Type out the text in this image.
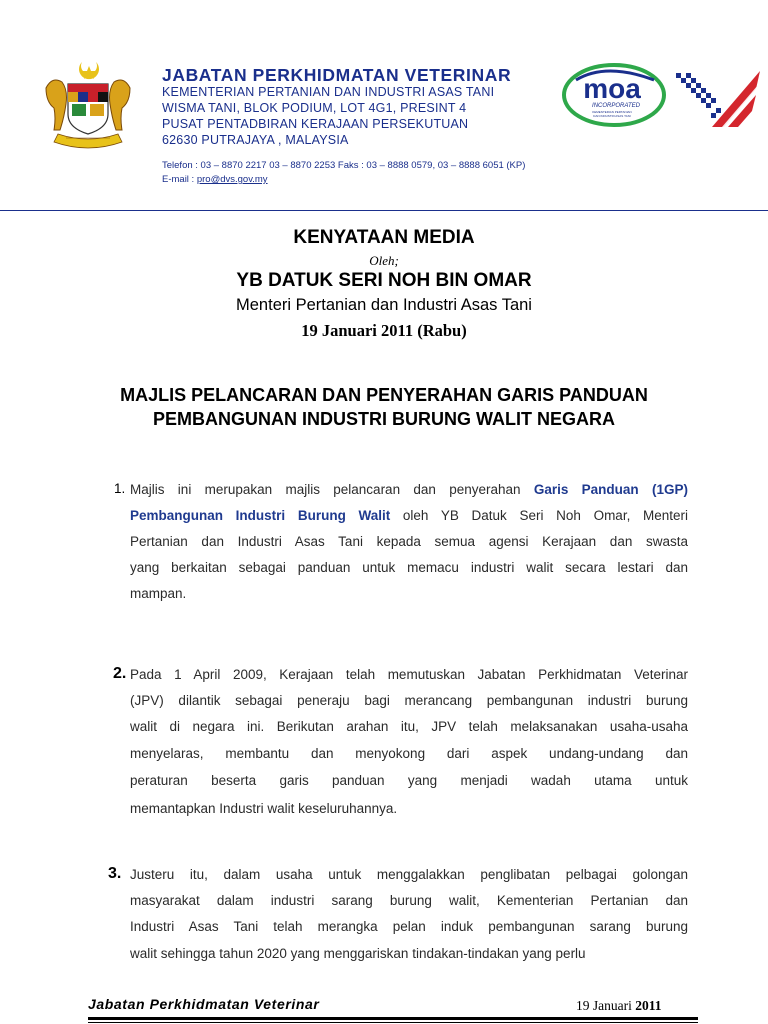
JABATAN PERKHIDMATAN VETERINAR
KEMENTERIAN PERTANIAN DAN INDUSTRI ASAS TANI
WISMA TANI, BLOK PODIUM, LOT 4G1, PRESINT 4
PUSAT PENTADBIRAN KERAJAAN PERSEKUTUAN
62630 PUTRAJAYA , MALAYSIA
Telefon : 03 – 8870 2217 03 – 8870 2253 Faks : 03 – 8888 0579, 03 – 8888 6051 (KP)
E-mail : pro@dvs.gov.my
moa
INCORPORATED
KEMENTERIAN PERTANIAN
DAN INDUSTRI ASAS TANI
KENYATAAN MEDIA
Oleh;
YB DATUK SERI NOH BIN OMAR
Menteri Pertanian dan Industri Asas Tani
19 Januari 2011 (Rabu)
MAJLIS PELANCARAN DAN PENYERAHAN GARIS PANDUAN
PEMBANGUNAN INDUSTRI BURUNG WALIT NEGARA
1. Majlis ini merupakan majlis pelancaran dan penyerahan Garis Panduan (1GP)
Pembangunan Industri Burung Walit oleh YB Datuk Seri Noh Omar, Menteri
Pertanian dan Industri Asas Tani kepada semua agensi Kerajaan dan swasta
yang berkaitan sebagai panduan untuk memacu industri walit secara lestari dan
mampan.
2. Pada 1 April 2009, Kerajaan telah memutuskan Jabatan Perkhidmatan Veterinar
(JPV) dilantik sebagai peneraju bagi merancang pembangunan industri burung
walit di negara ini. Berikutan arahan itu, JPV telah melaksanakan usaha-usaha
menyelaras, membantu dan menyokong dari aspek undang-undang dan
peraturan beserta garis panduan yang menjadi wadah utama untuk
memantapkan Industri walit keseluruhannya.
3. Justeru itu, dalam usaha untuk menggalakkan penglibatan pelbagai golongan
masyarakat dalam industri sarang burung walit, Kementerian Pertanian dan
Industri Asas Tani telah merangka pelan induk pembangunan sarang burung
walit sehingga tahun 2020 yang menggariskan tindakan-tindakan yang perlu
Jabatan Perkhidmatan Veterinar	19 Januari 2011
